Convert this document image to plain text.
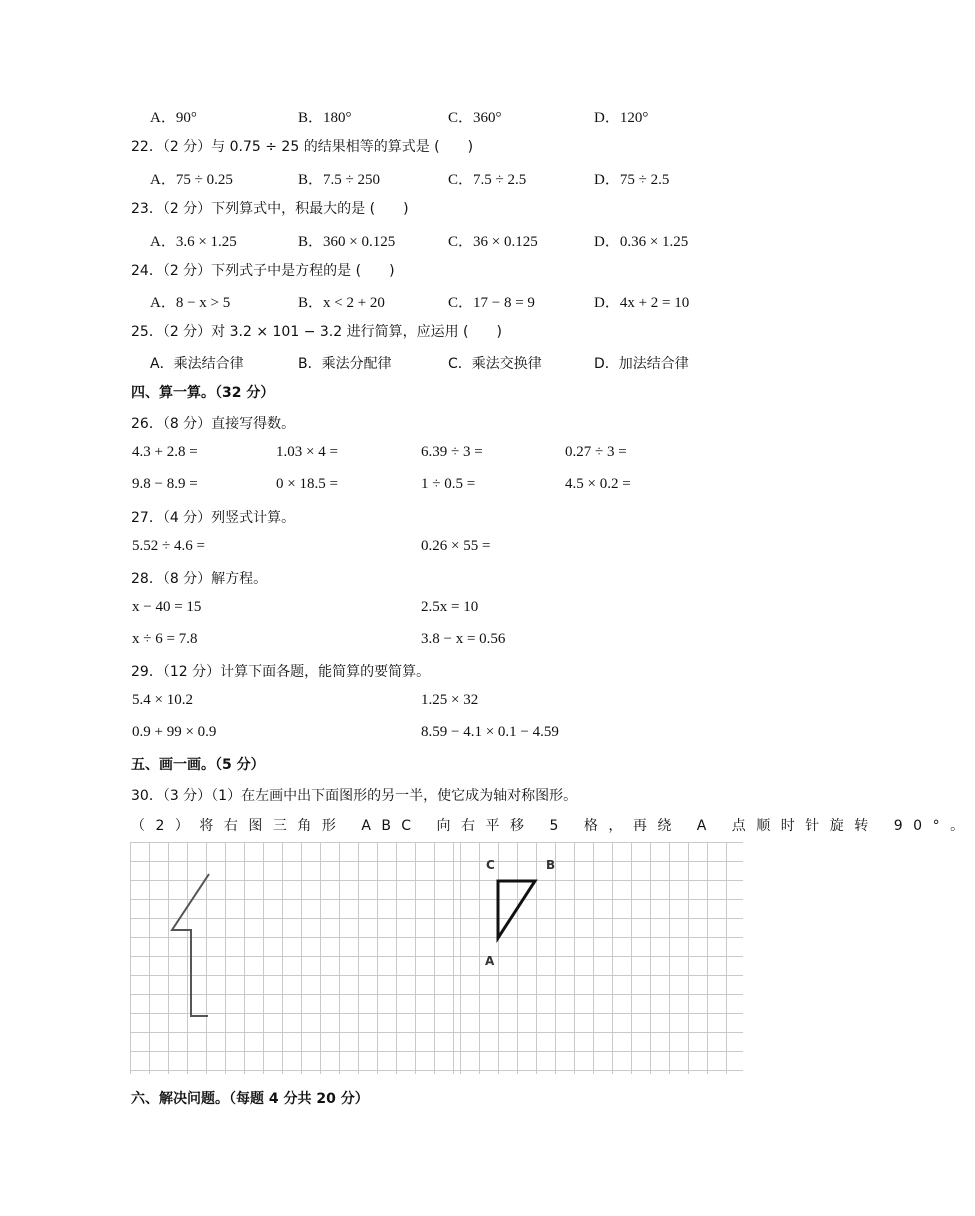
A．90°	B．180°	C．360°	D．120°
22．（2 分）与 0.75 ÷ 25 的结果相等的算式是 (　　)
A．75 ÷ 0.25	B．7.5 ÷ 250	C．7.5 ÷ 2.5	D．75 ÷ 2.5
23．（2 分）下列算式中，积最大的是 (　　)
A．3.6 × 1.25	B．360 × 0.125	C．36 × 0.125	D．0.36 × 1.25
24．（2 分）下列式子中是方程的是 (　　)
A．8 − x > 5	B．x < 2 + 20	C．17 − 8 = 9	D．4x + 2 = 10
25．（2 分）对 3.2 × 101 − 3.2 进行简算，应运用 (　　)
A．乘法结合律	B．乘法分配律	C．乘法交换律	D．加法结合律
四、算一算。（32 分）
26．（8 分）直接写得数。
4.3 + 2.8 =	1.03 × 4 =	6.39 ÷ 3 =	0.27 ÷ 3 =
9.8 − 8.9 =	0 × 18.5 =	1 ÷ 0.5 =	4.5 × 0.2 =
27．（4 分）列竖式计算。
5.52 ÷ 4.6 =	0.26 × 55 =
28．（8 分）解方程。
x − 40 = 15	2.5x = 10
x ÷ 6 = 7.8	3.8 − x = 0.56
29．（12 分）计算下面各题，能简算的要简算。
5.4 × 10.2	1.25 × 32
0.9 + 99 × 0.9	8.59 − 4.1 × 0.1 − 4.59
五、画一画。（5 分）
30．（3 分）（1）在左画中出下面图形的另一半，使它成为轴对称图形。
（2）将右图三角形 ABC 向右平移 5 格，再绕 A 点顺时针旋转 90°。
C	B
A
六、解决问题。（每题 4 分共 20 分）
